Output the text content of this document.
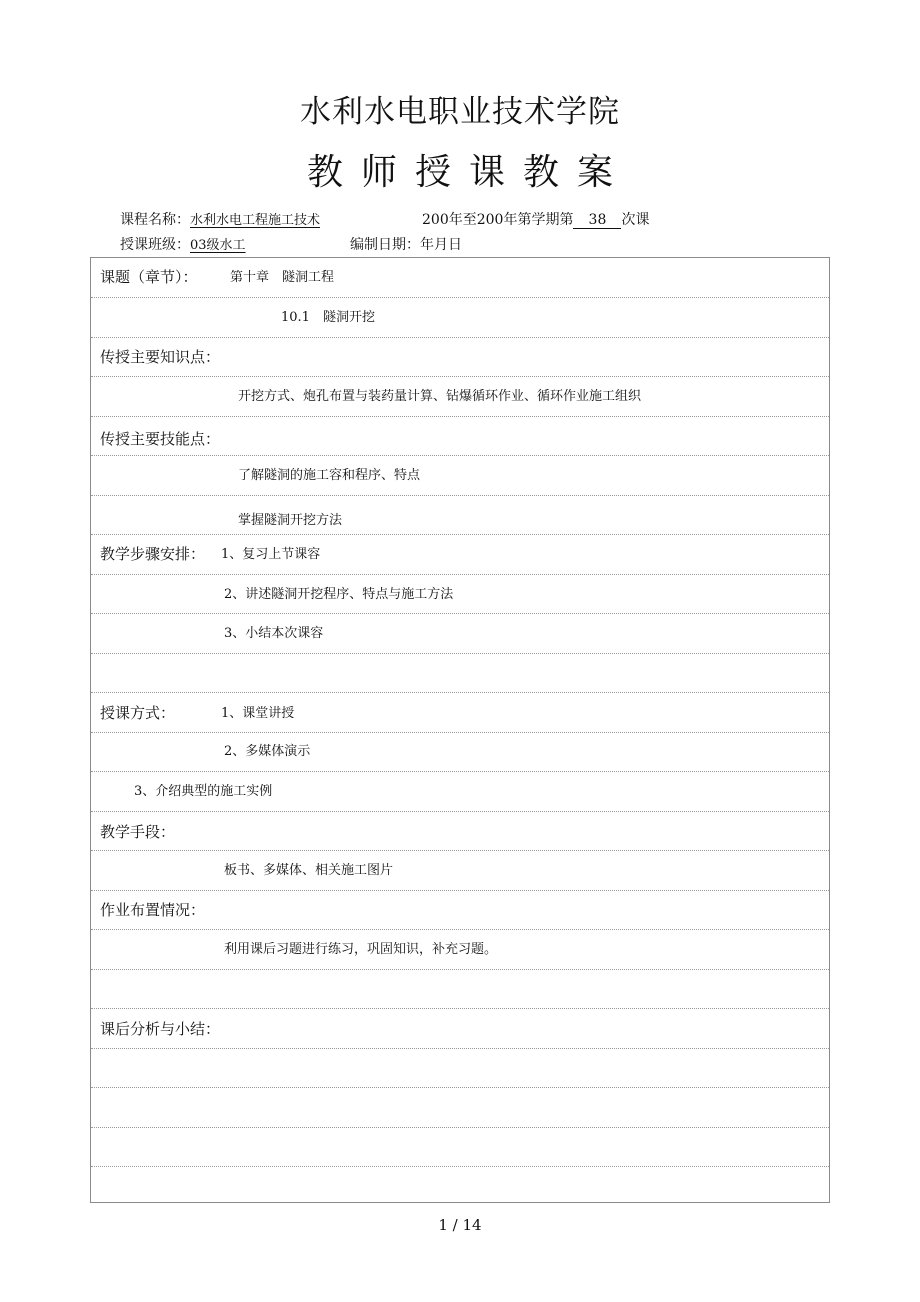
水利水电职业技术学院
教师授课教案
课程名称：水利水电工程施工技术	200年至200年第学期第 38 次课
授课班级：03级水工	编制日期：年月日
课题（章节）： 第十章　隧洞工程
10.1　隧洞开挖
传授主要知识点：
开挖方式、炮孔布置与装药量计算、钻爆循环作业、循环作业施工组织
传授主要技能点：
了解隧洞的施工容和程序、特点
掌握隧洞开挖方法
教学步骤安排： 1、复习上节课容
2、讲述隧洞开挖程序、特点与施工方法
3、小结本次课容
授课方式：	1、课堂讲授
2、多媒体演示
3、介绍典型的施工实例
教学手段：
板书、多媒体、相关施工图片
作业布置情况：
利用课后习题进行练习，巩固知识，补充习题。
课后分析与小结：
1 / 14
